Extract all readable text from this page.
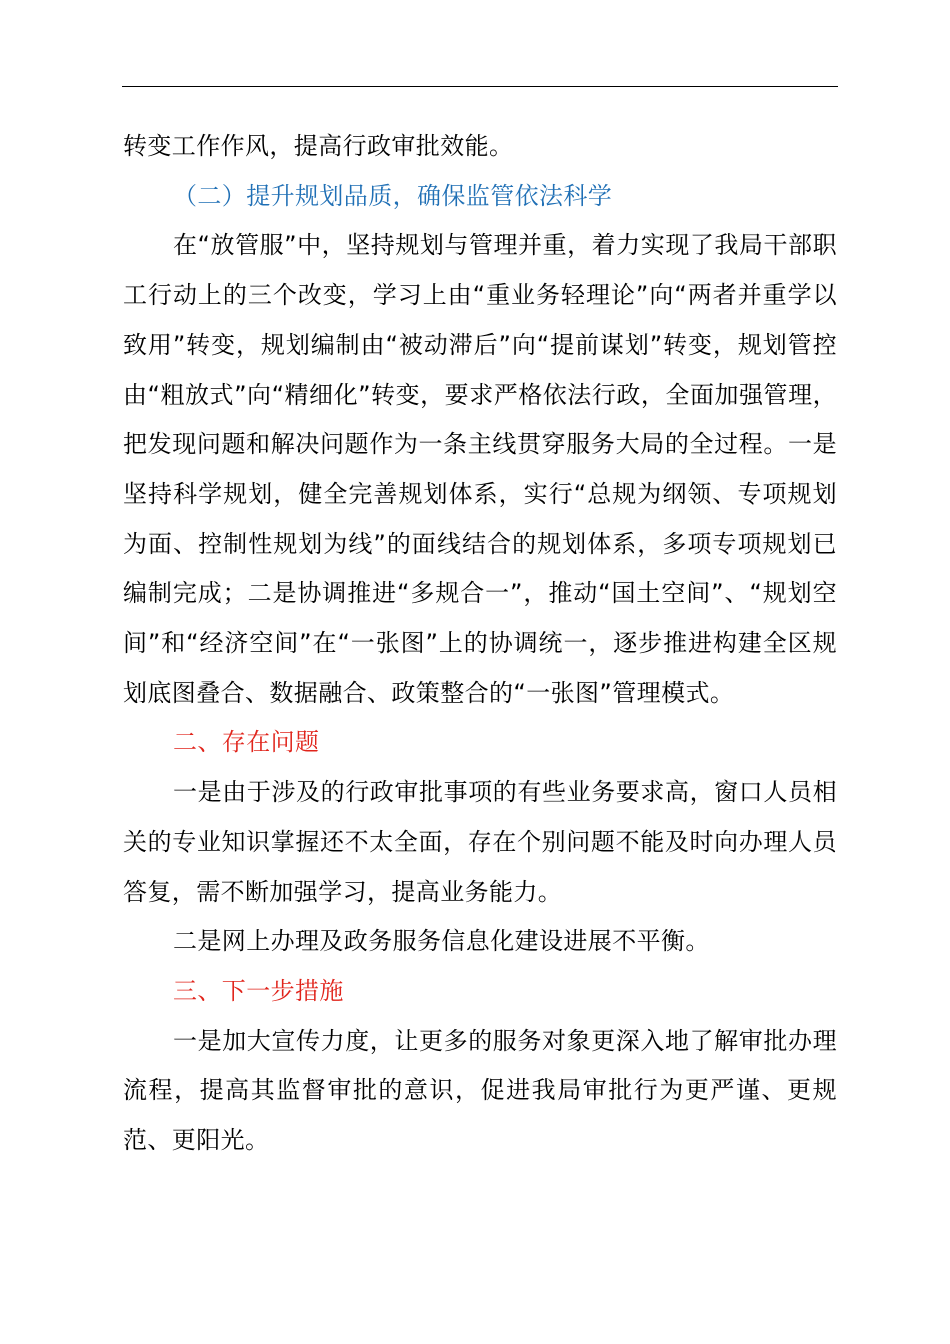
转变工作作风，提高行政审批效能。

（二）提升规划品质，确保监管依法科学

在“放管服”中，坚持规划与管理并重，着力实现了我局干部职工行动上的三个改变，学习上由“重业务轻理论”向“两者并重学以致用”转变，规划编制由“被动滞后”向“提前谋划”转变，规划管控由“粗放式”向“精细化”转变，要求严格依法行政，全面加强管理，把发现问题和解决问题作为一条主线贯穿服务大局的全过程。一是坚持科学规划，健全完善规划体系，实行“总规为纲领、专项规划为面、控制性规划为线”的面线结合的规划体系，多项专项规划已编制完成；二是协调推进“多规合一”，推动“国土空间”、“规划空间”和“经济空间”在“一张图”上的协调统一，逐步推进构建全区规划底图叠合、数据融合、政策整合的“一张图”管理模式。

二、存在问题

一是由于涉及的行政审批事项的有些业务要求高，窗口人员相关的专业知识掌握还不太全面，存在个别问题不能及时向办理人员答复，需不断加强学习，提高业务能力。

二是网上办理及政务服务信息化建设进展不平衡。

三、下一步措施

一是加大宣传力度，让更多的服务对象更深入地了解审批办理流程，提高其监督审批的意识，促进我局审批行为更严谨、更规范、更阳光。
